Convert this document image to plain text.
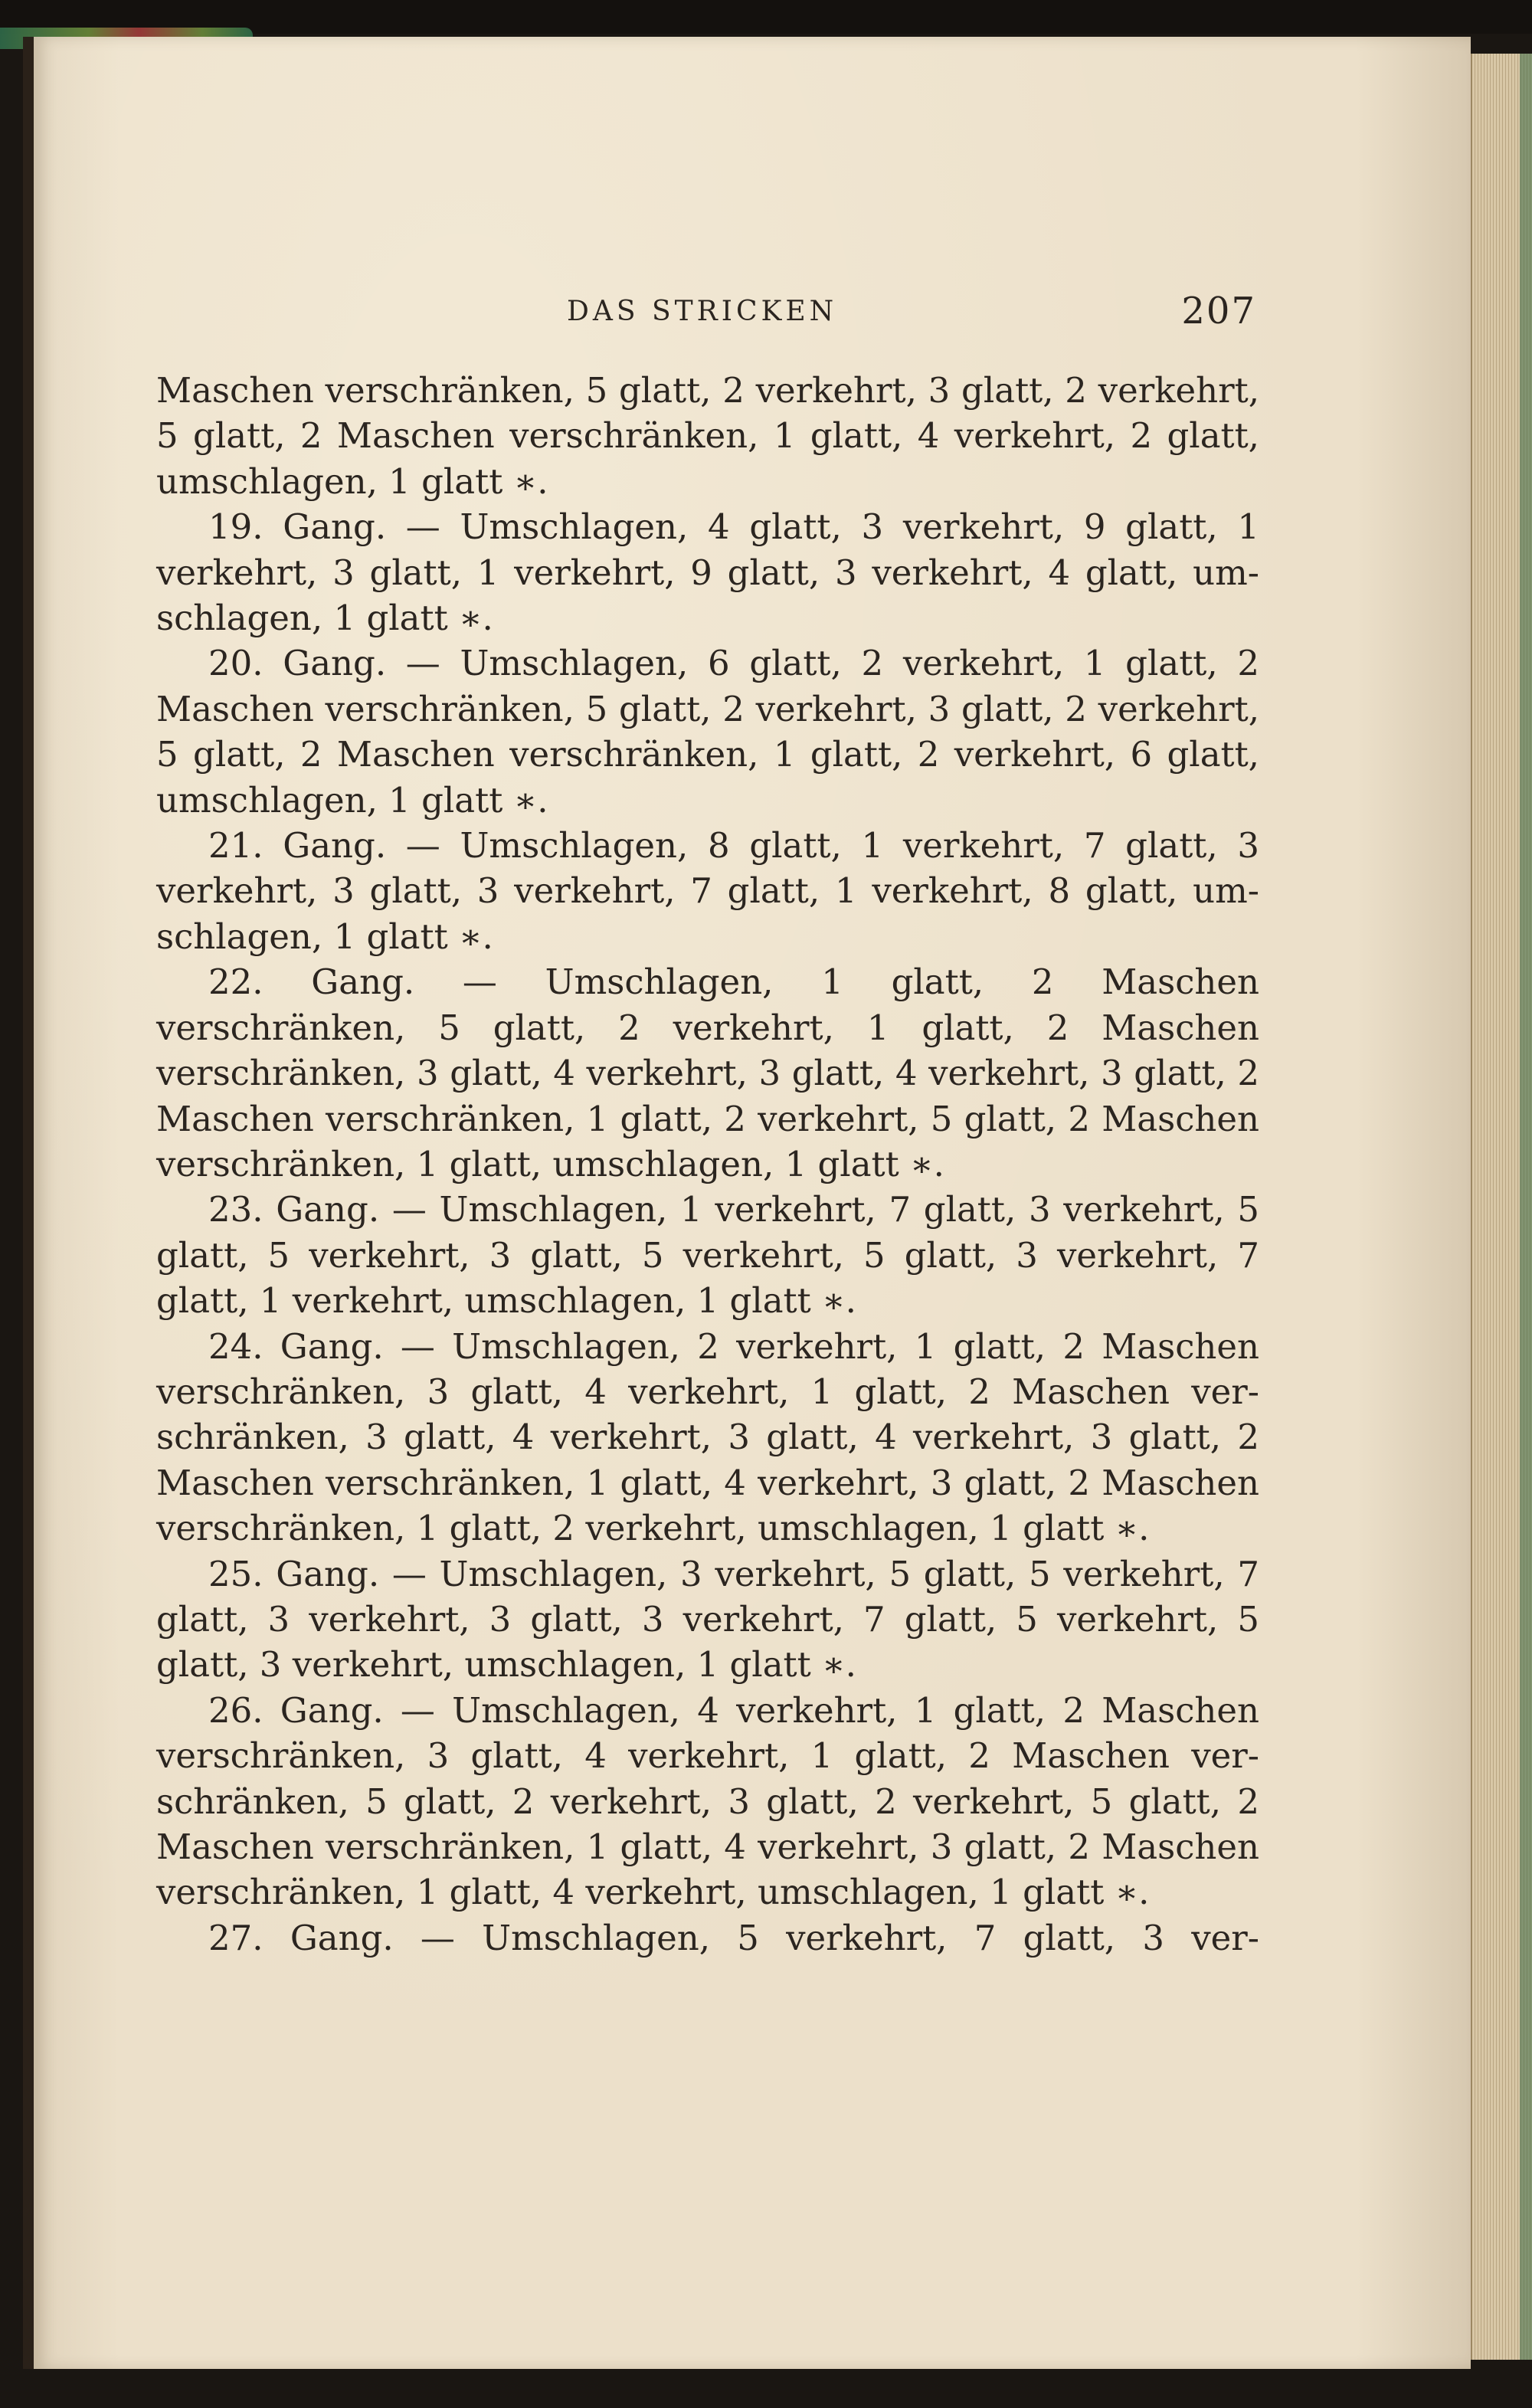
DAS STRICKEN	207

Maschen verschränken, 5 glatt, 2 verkehrt, 3 glatt, 2 verkehrt, 5 glatt, 2 Maschen verschränken, 1 glatt, 4 verkehrt, 2 glatt, umschlagen, 1 glatt ∗.

19. Gang. — Umschlagen, 4 glatt, 3 verkehrt, 9 glatt, 1 verkehrt, 3 glatt, 1 verkehrt, 9 glatt, 3 verkehrt, 4 glatt, umschlagen, 1 glatt ∗.

20. Gang. — Umschlagen, 6 glatt, 2 verkehrt, 1 glatt, 2 Maschen verschränken, 5 glatt, 2 verkehrt, 3 glatt, 2 verkehrt, 5 glatt, 2 Maschen verschränken, 1 glatt, 2 verkehrt, 6 glatt, umschlagen, 1 glatt ∗.

21. Gang. — Umschlagen, 8 glatt, 1 verkehrt, 7 glatt, 3 verkehrt, 3 glatt, 3 verkehrt, 7 glatt, 1 verkehrt, 8 glatt, umschlagen, 1 glatt ∗.

22. Gang. — Umschlagen, 1 glatt, 2 Maschen verschränken, 5 glatt, 2 verkehrt, 1 glatt, 2 Maschen verschränken, 3 glatt, 4 verkehrt, 3 glatt, 4 verkehrt, 3 glatt, 2 Maschen verschränken, 1 glatt, 2 verkehrt, 5 glatt, 2 Maschen verschränken, 1 glatt, umschlagen, 1 glatt ∗.

23. Gang. — Umschlagen, 1 verkehrt, 7 glatt, 3 verkehrt, 5 glatt, 5 verkehrt, 3 glatt, 5 verkehrt, 5 glatt, 3 verkehrt, 7 glatt, 1 verkehrt, umschlagen, 1 glatt ∗.

24. Gang. — Umschlagen, 2 verkehrt, 1 glatt, 2 Maschen verschränken, 3 glatt, 4 verkehrt, 1 glatt, 2 Maschen verschränken, 3 glatt, 4 verkehrt, 3 glatt, 4 verkehrt, 3 glatt, 2 Maschen verschränken, 1 glatt, 4 verkehrt, 3 glatt, 2 Maschen verschränken, 1 glatt, 2 verkehrt, umschlagen, 1 glatt ∗.

25. Gang. — Umschlagen, 3 verkehrt, 5 glatt, 5 verkehrt, 7 glatt, 3 verkehrt, 3 glatt, 3 verkehrt, 7 glatt, 5 verkehrt, 5 glatt, 3 verkehrt, umschlagen, 1 glatt ∗.

26. Gang. — Umschlagen, 4 verkehrt, 1 glatt, 2 Maschen verschränken, 3 glatt, 4 verkehrt, 1 glatt, 2 Maschen verschränken, 5 glatt, 2 verkehrt, 3 glatt, 2 verkehrt, 5 glatt, 2 Maschen verschränken, 1 glatt, 4 verkehrt, 3 glatt, 2 Maschen verschränken, 1 glatt, 4 verkehrt, umschlagen, 1 glatt ∗.

27. Gang. — Umschlagen, 5 verkehrt, 7 glatt, 3 ver-
